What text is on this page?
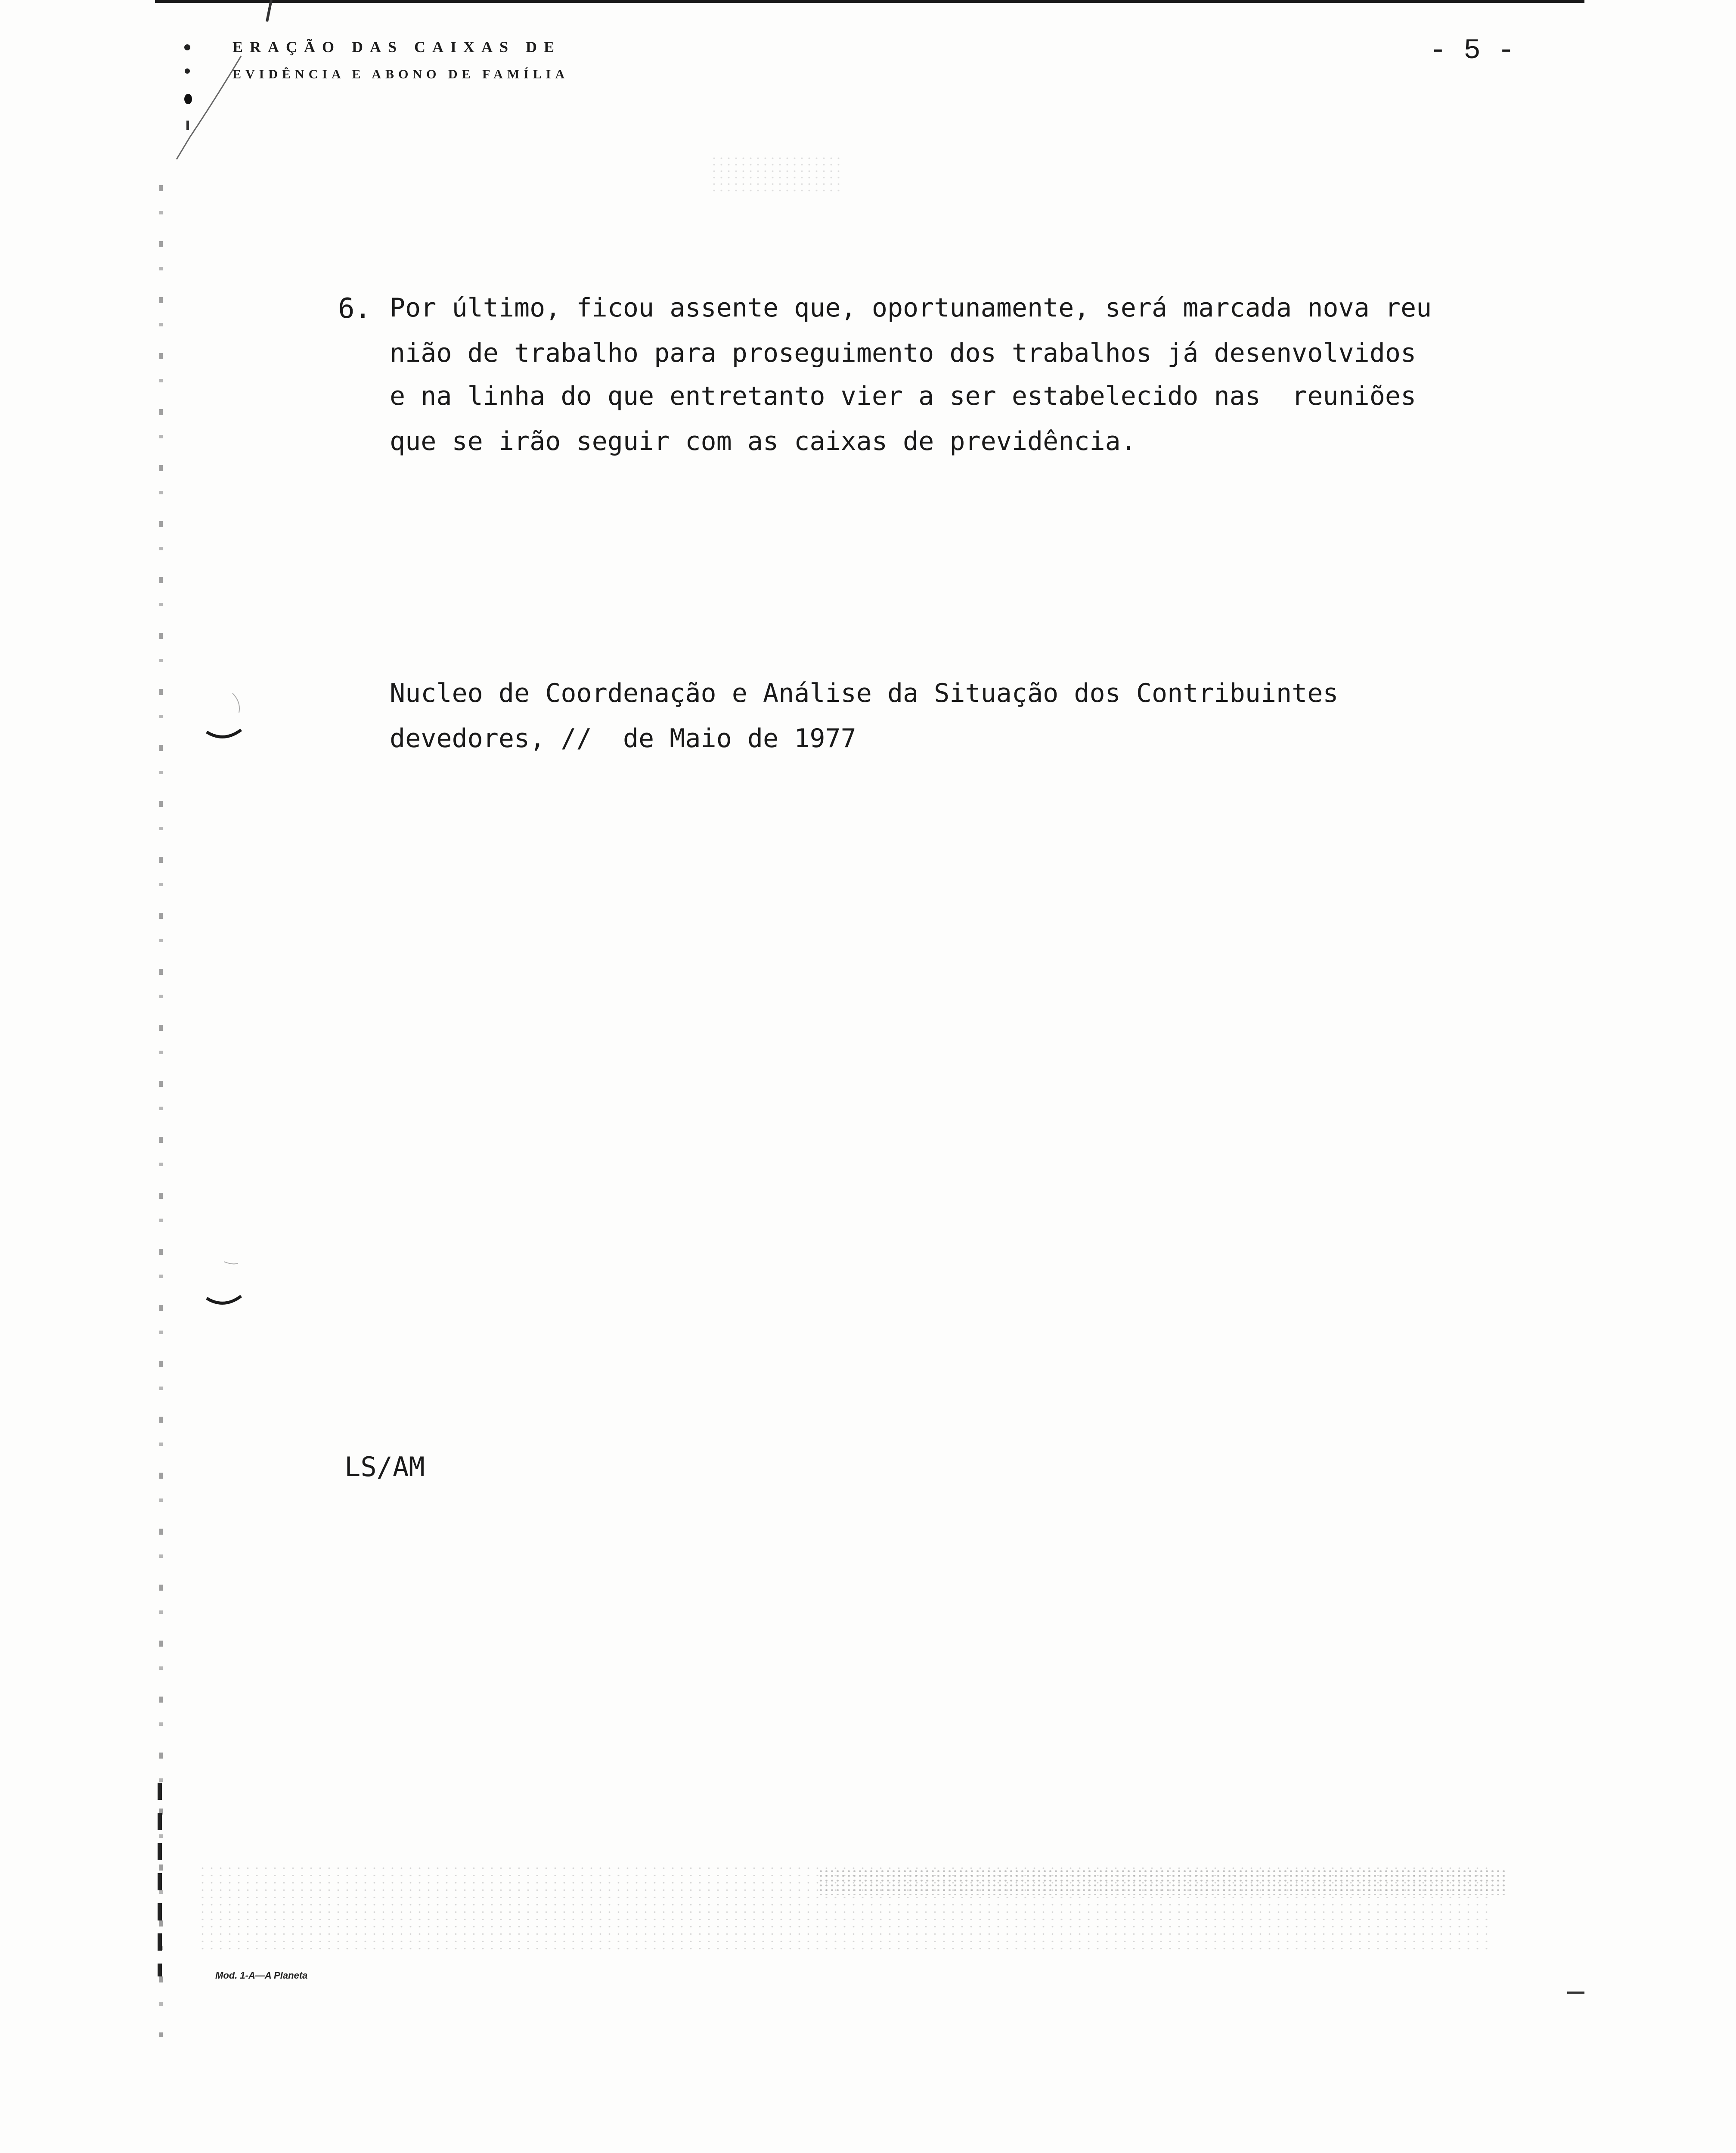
ERAÇÃO DAS CAIXAS DE
EVIDÊNCIA E ABONO DE FAMÍLIA
- 5 -
6. Por último, ficou assente que, oportunamente, será marcada nova reu
nião de trabalho para proseguimento dos trabalhos já desenvolvidos
e na linha do que entretanto vier a ser estabelecido nas  reuniões
que se irão seguir com as caixas de previdência.
Nucleo de Coordenação e Análise da Situação dos Contribuintes
devedores, //  de Maio de 1977
LS/AM
Mod. 1-A—A Planeta
